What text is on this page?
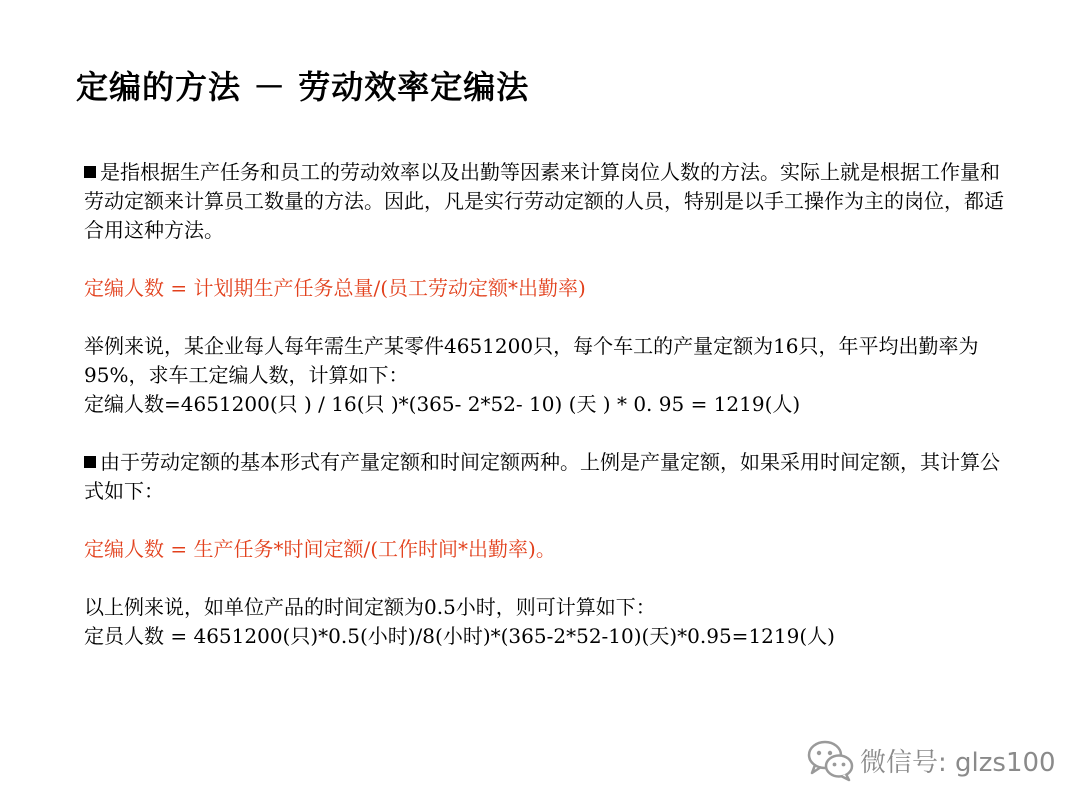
定编的方法 － 劳动效率定编法

是指根据生产任务和员工的劳动效率以及出勤等因素来计算岗位人数的方法。实际上就是根据工作量和劳动定额来计算员工数量的方法。因此，凡是实行劳动定额的人员，特别是以手工操作为主的岗位，都适合用这种方法。

定编人数 = 计划期生产任务总量/(员工劳动定额*出勤率)

举例来说，某企业每人每年需生产某零件4651200只，每个车工的产量定额为16只，年平均出勤率为95%，求车工定编人数，计算如下：

定编人数=4651200(只 ) / 16(只 )*(365- 2*52- 10) (天 ) * 0. 95 = 1219(人)

由于劳动定额的基本形式有产量定额和时间定额两种。上例是产量定额，如果采用时间定额，其计算公式如下：

定编人数 = 生产任务*时间定额/(工作时间*出勤率)。

以上例来说，如单位产品的时间定额为0.5小时，则可计算如下：

定员人数 = 4651200(只)*0.5(小时)/8(小时)*(365-2*52-10)(天)*0.95=1219(人)

微信号: glzs100
